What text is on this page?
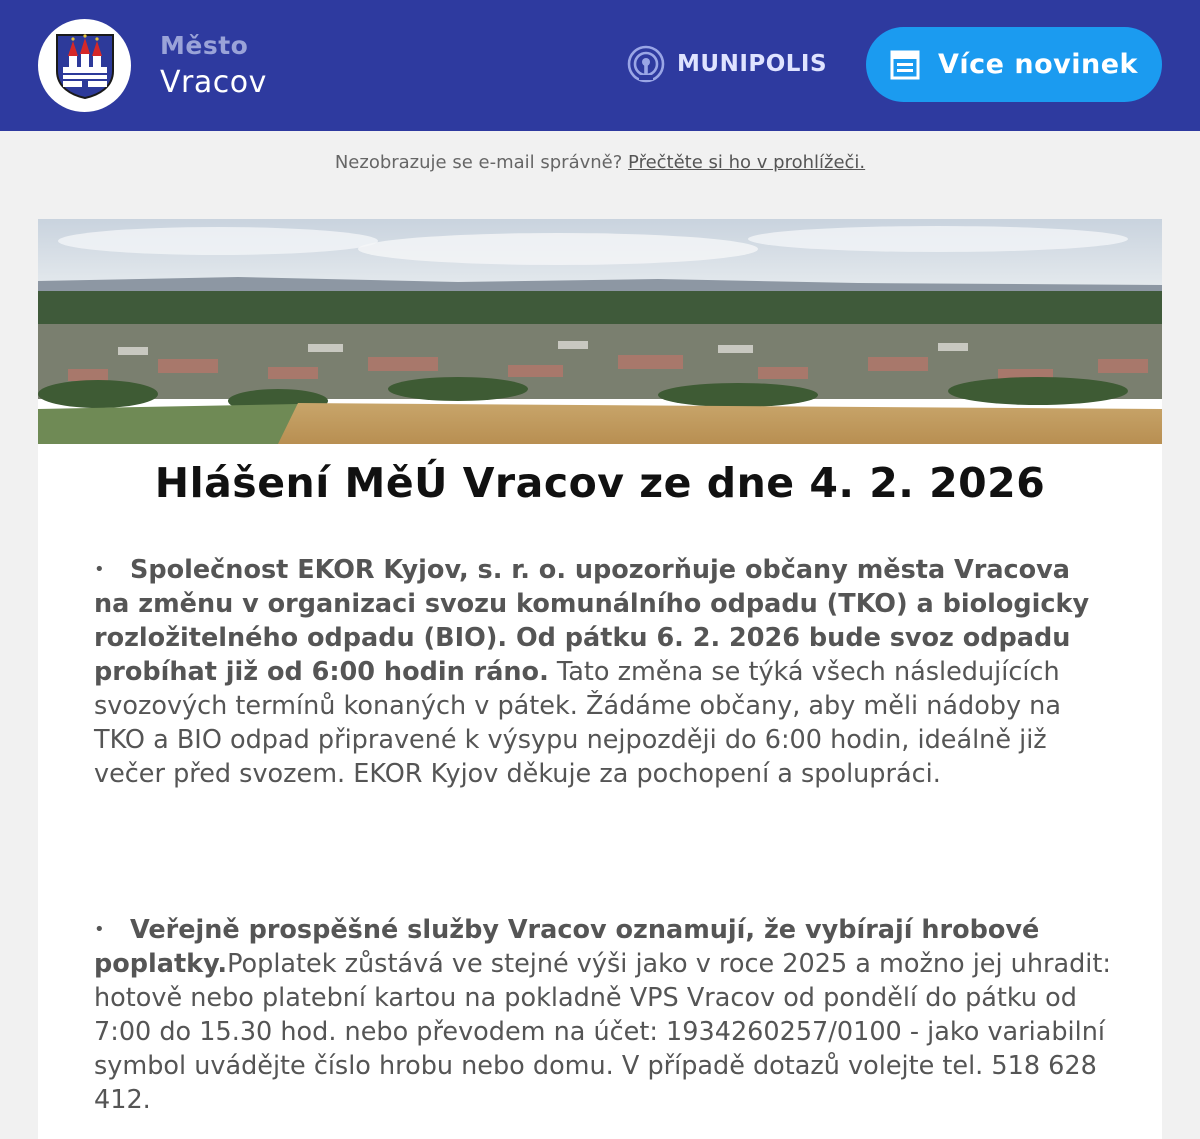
Město
Vracov
MUNIPOLIS	Více novinek
Nezobrazuje se e-mail správně? Přečtěte si ho v prohlížeči.
Hlášení MěÚ Vracov ze dne 4. 2. 2026
• Společnost EKOR Kyjov, s. r. o. upozorňuje občany města Vracova na změnu v organizaci svozu komunálního odpadu (TKO) a biologicky rozložitelného odpadu (BIO). Od pátku 6. 2. 2026 bude svoz odpadu probíhat již od 6:00 hodin ráno. Tato změna se týká všech následujících svozových termínů konaných v pátek. Žádáme občany, aby měli nádoby na TKO a BIO odpad připravené k výsypu nejpozději do 6:00 hodin, ideálně již večer před svozem. EKOR Kyjov děkuje za pochopení a spolupráci.
• Veřejně prospěšné služby Vracov oznamují, že vybírají hrobové poplatky.Poplatek zůstává ve stejné výši jako v roce 2025 a možno jej uhradit: hotově nebo platební kartou na pokladně VPS Vracov od pondělí do pátku od 7:00 do 15.30 hod. nebo převodem na účet: 1934260257/0100 - jako variabilní symbol uvádějte číslo hrobu nebo domu. V případě dotazů volejte tel. 518 628 412.
